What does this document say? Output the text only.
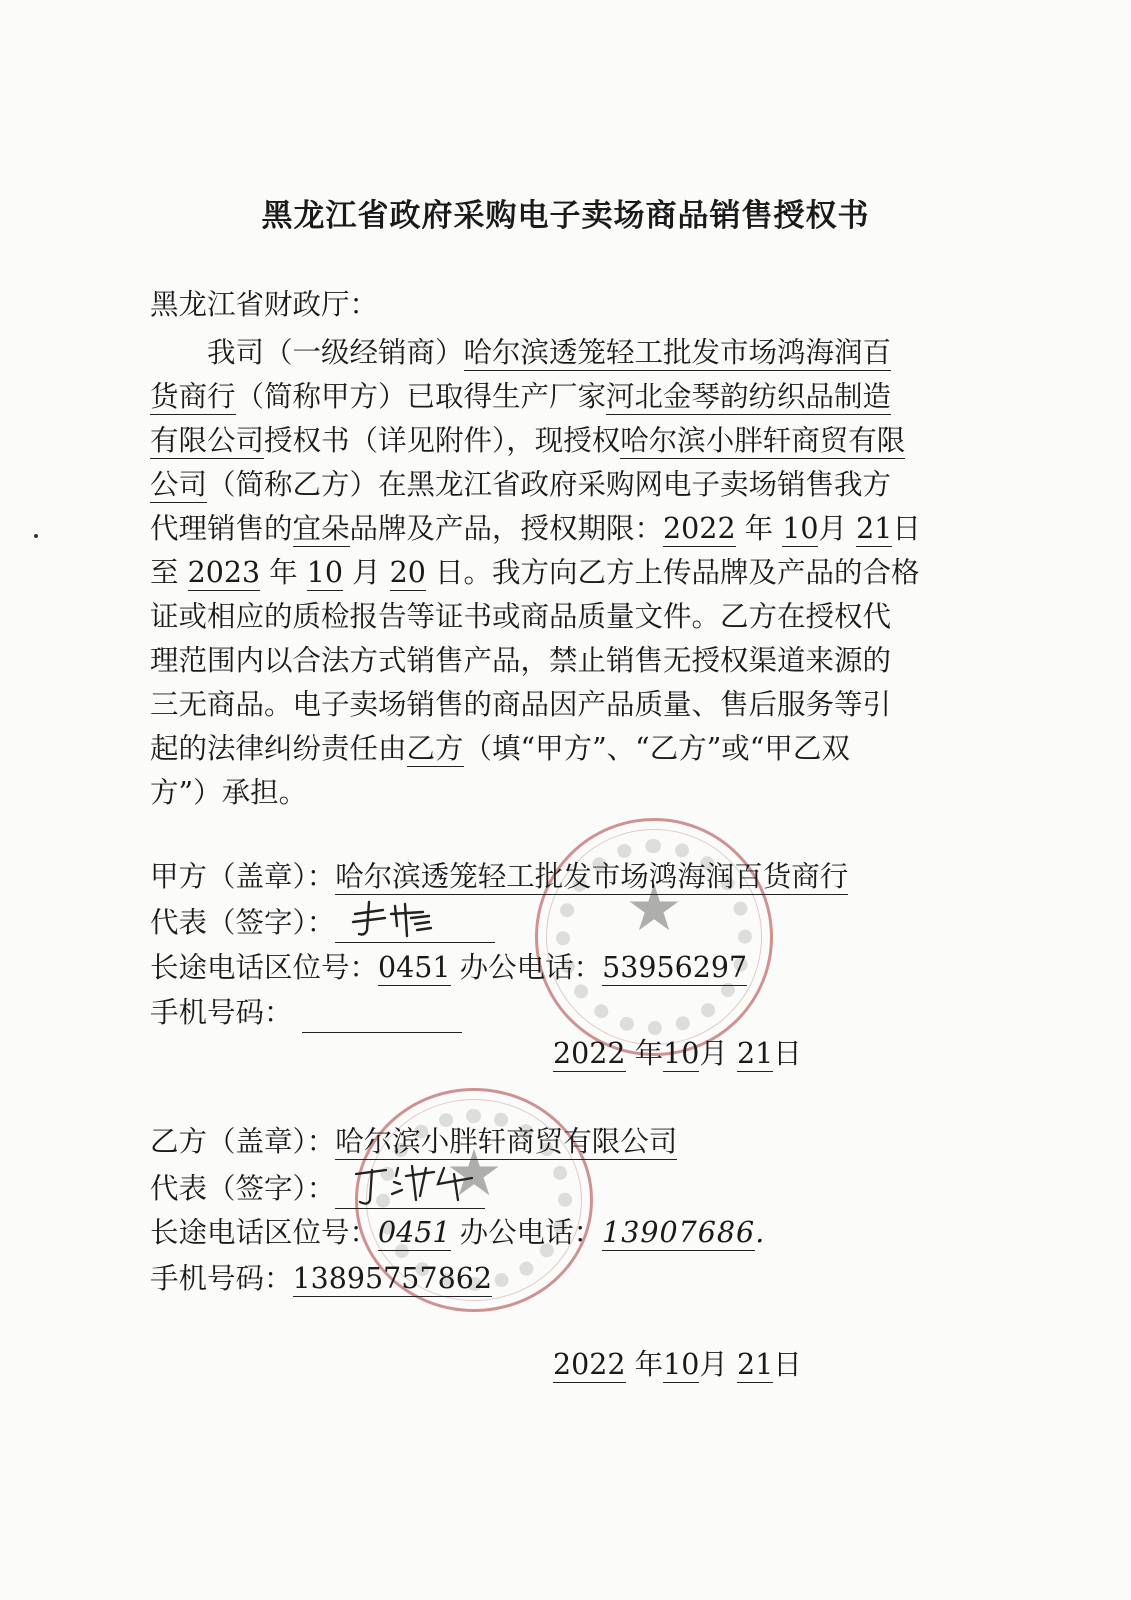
黑龙江省政府采购电子卖场商品销售授权书
黑龙江省财政厅：
我司（一级经销商）哈尔滨透笼轻工批发市场鸿海润百
货商行（简称甲方）已取得生产厂家河北金琴韵纺织品制造
有限公司授权书（详见附件），现授权哈尔滨小胖轩商贸有限
公司（简称乙方）在黑龙江省政府采购网电子卖场销售我方
代理销售的宜朵品牌及产品，授权期限：2022 年 10月 21日
至 2023 年 10 月 20 日。我方向乙方上传品牌及产品的合格
证或相应的质检报告等证书或商品质量文件。乙方在授权代
理范围内以合法方式销售产品，禁止销售无授权渠道来源的
三无商品。电子卖场销售的商品因产品质量、售后服务等引
起的法律纠纷责任由乙方（填“甲方”、“乙方”或“甲乙双
方”）承担。
★
甲方（盖章）：哈尔滨透笼轻工批发市场鸿海润百货商行
代表（签字）：
长途电话区位号：0451 办公电话：53956297
手机号码：
2022 年10月 21日
★
乙方（盖章）：哈尔滨小胖轩商贸有限公司
代表（签字）：
长途电话区位号：0451 办公电话：13907686.
手机号码：13895757862
2022 年10月 21日
